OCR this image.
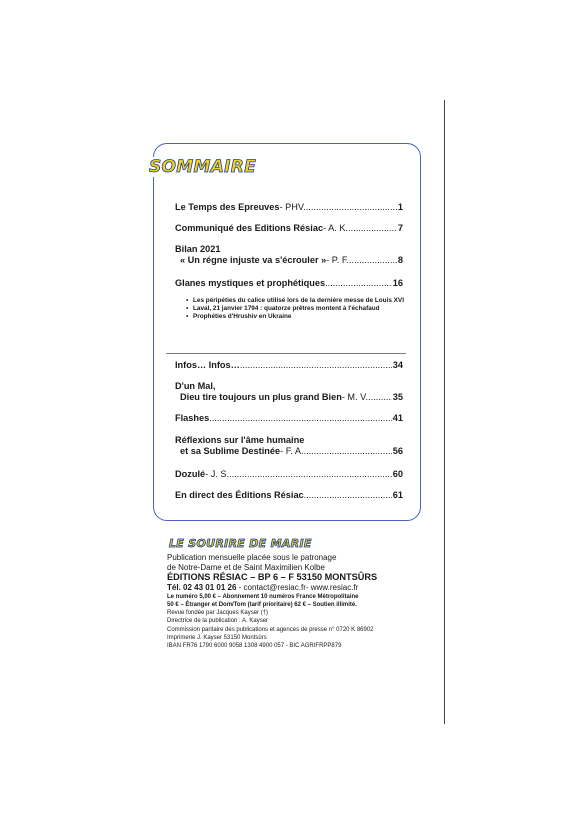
SOMMAIRE
Le Temps des Epreuves - PHV. .....	1
Communiqué des Editions Résiac - A. K. .....	7
Bilan 2021
« Un régne injuste va s'écrouler » - P. F. .....	8
Glanes mystiques et prophétiques .....	16
• Les péripéties du calice utilisé lors de la dernière messe de Louis XVI
• Laval, 21 janvier 1794 : quatorze prêtres montent à l'échafaud
• Prophéties d'Hrushiv en Ukraine
Infos… Infos… .....	34
D'un Mal,
Dieu tire toujours un plus grand Bien - M. V. .....	35
Flashes .....	41
Réflexions sur l'âme humaine
et sa Sublime Destinée - F. A. .....	56
Dozulé - J. S. .....	60
En direct des Éditions Résiac .....	61
LE SOURIRE DE MARIE
Publication mensuelle placée sous le patronage
de Notre-Dame et de Saint Maximilien Kolbe
ÉDITIONS RÉSIAC – BP 6 – F 53150 MONTSÛRS
Tél. 02 43 01 01 26 - contact@resiac.fr- www.resiac.fr
Le numéro 5,00 € – Abonnement 10 numéros France Métropolitaine
50 € – Étranger et Dom/Tom (tarif prioritaire) 62 € – Soutien illimité.
Revue fondée par Jacques Kayser (†)
Directrice de la publication : A. Kayser
Commission paritaire des publications et agences de presse n° 0720 K 86902
Imprimerie J. Kayser 53150 Montsûrs
IBAN FR76 1790 6000 9058 1308 4900 057 - BIC AGRIFRPP879
